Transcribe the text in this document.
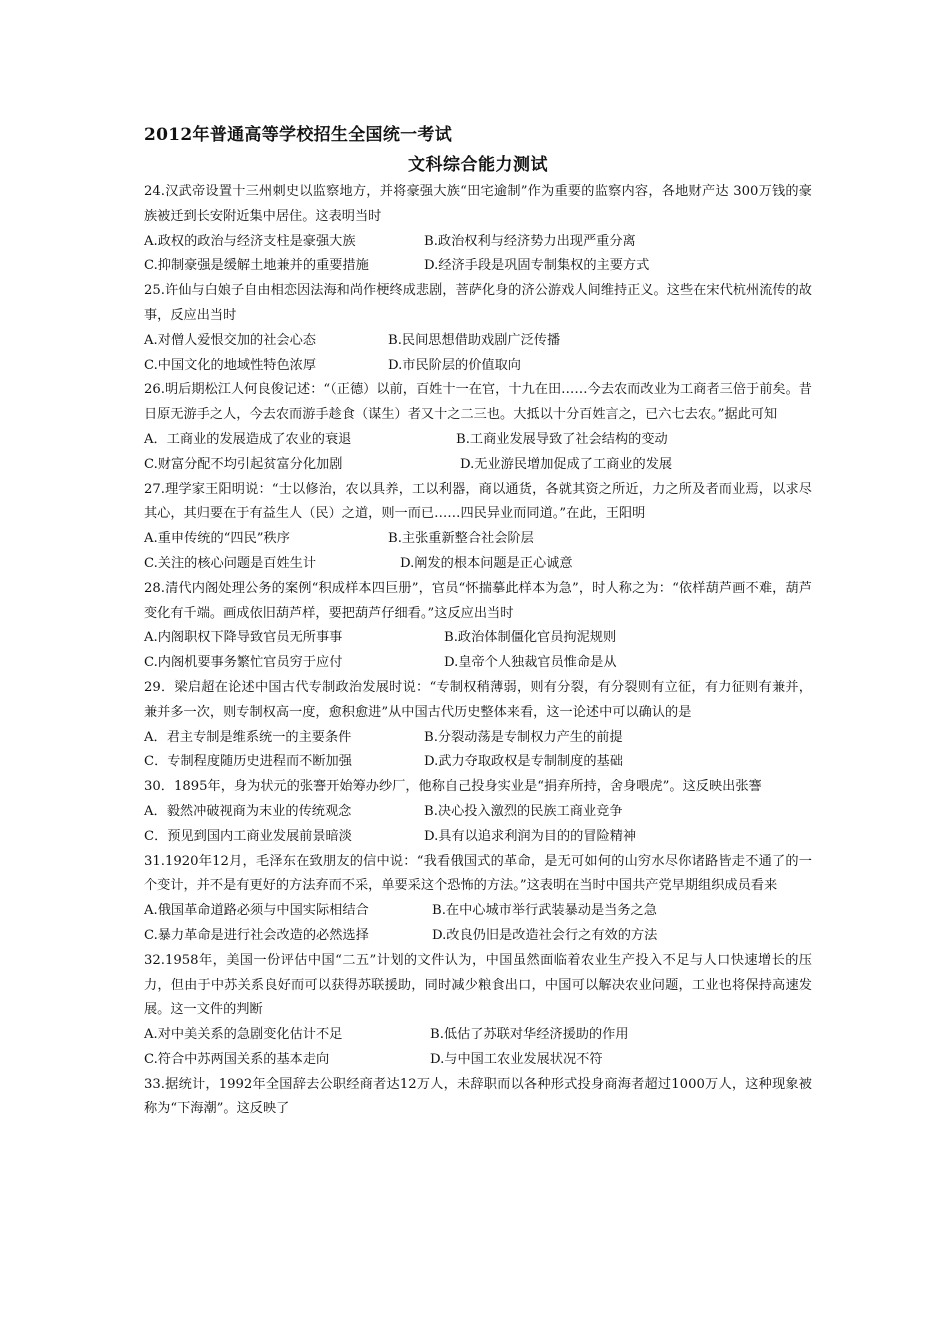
2012年普通高等学校招生全国统一考试

文科综合能力测试

24.汉武帝设置十三州刺史以监察地方，并将豪强大族“田宅逾制”作为重要的监察内容，各地财产达 300万钱的豪族被迁到长安附近集中居住。这表明当时

A.政权的政治与经济支柱是豪强大族	B.政治权利与经济势力出现严重分离
C.抑制豪强是缓解土地兼并的重要措施	D.经济手段是巩固专制集权的主要方式

25.许仙与白娘子自由相恋因法海和尚作梗终成悲剧，菩萨化身的济公游戏人间维持正义。这些在宋代杭州流传的故事，反应出当时

A.对僧人爱恨交加的社会心态	B.民间思想借助戏剧广泛传播
C.中国文化的地域性特色浓厚	D.市民阶层的价值取向

26.明后期松江人何良俊记述：“（正德）以前，百姓十一在官，十九在田……今去农而改业为工商者三倍于前矣。昔日原无游手之人，今去农而游手趁食（谋生）者又十之二三也。大抵以十分百姓言之，已六七去农。”据此可知

A．工商业的发展造成了农业的衰退	B.工商业发展导致了社会结构的变动
C.财富分配不均引起贫富分化加剧	D.无业游民增加促成了工商业的发展

27.理学家王阳明说：“士以修治，农以具养，工以利器，商以通货，各就其资之所近，力之所及者而业焉，以求尽其心，其归要在于有益生人（民）之道，则一而已……四民异业而同道。”在此，王阳明

A.重申传统的“四民”秩序	B.主张重新整合社会阶层
C.关注的核心问题是百姓生计	D.阐发的根本问题是正心诚意

28.清代内阁处理公务的案例“积成样本四巨册”，官员“怀揣摹此样本为急”，时人称之为：“依样葫芦画不难，葫芦变化有千端。画成依旧葫芦样，要把葫芦仔细看。”这反应出当时

A.内阁职权下降导致官员无所事事	B.政治体制僵化官员拘泥规则
C.内阁机要事务繁忙官员穷于应付	D.皇帝个人独裁官员惟命是从

29．梁启超在论述中国古代专制政治发展时说：“专制权稍薄弱，则有分裂，有分裂则有立征，有力征则有兼并，兼并多一次，则专制权高一度，愈积愈进”从中国古代历史整体来看，这一论述中可以确认的是

A．君主专制是维系统一的主要条件	B.分裂动荡是专制权力产生的前提
C．专制程度随历史进程而不断加强	D.武力夺取政权是专制制度的基础

30．1895年，身为状元的张謇开始筹办纱厂，他称自己投身实业是“捐弃所持，舍身喂虎”。这反映出张謇

A．毅然冲破视商为末业的传统观念	B.决心投入激烈的民族工商业竞争
C．预见到国内工商业发展前景暗淡	D.具有以追求利润为目的的冒险精神

31.1920年12月，毛泽东在致朋友的信中说：“我看俄国式的革命，是无可如何的山穷水尽你诸路皆走不通了的一个变计，并不是有更好的方法弃而不采，单要采这个恐怖的方法。”这表明在当时中国共产党早期组织成员看来

A.俄国革命道路必须与中国实际相结合	B.在中心城市举行武装暴动是当务之急
C.暴力革命是进行社会改造的必然选择	D.改良仍旧是改造社会行之有效的方法

32.1958年，美国一份评估中国“二五”计划的文件认为，中国虽然面临着农业生产投入不足与人口快速增长的压力，但由于中苏关系良好而可以获得苏联援助，同时减少粮食出口，中国可以解决农业问题，工业也将保持高速发展。这一文件的判断

A.对中美关系的急剧变化估计不足	B.低估了苏联对华经济援助的作用
C.符合中苏两国关系的基本走向	D.与中国工农业发展状况不符

33.据统计，1992年全国辞去公职经商者达12万人，未辞职而以各种形式投身商海者超过1000万人，这种现象被称为“下海潮”。这反映了
